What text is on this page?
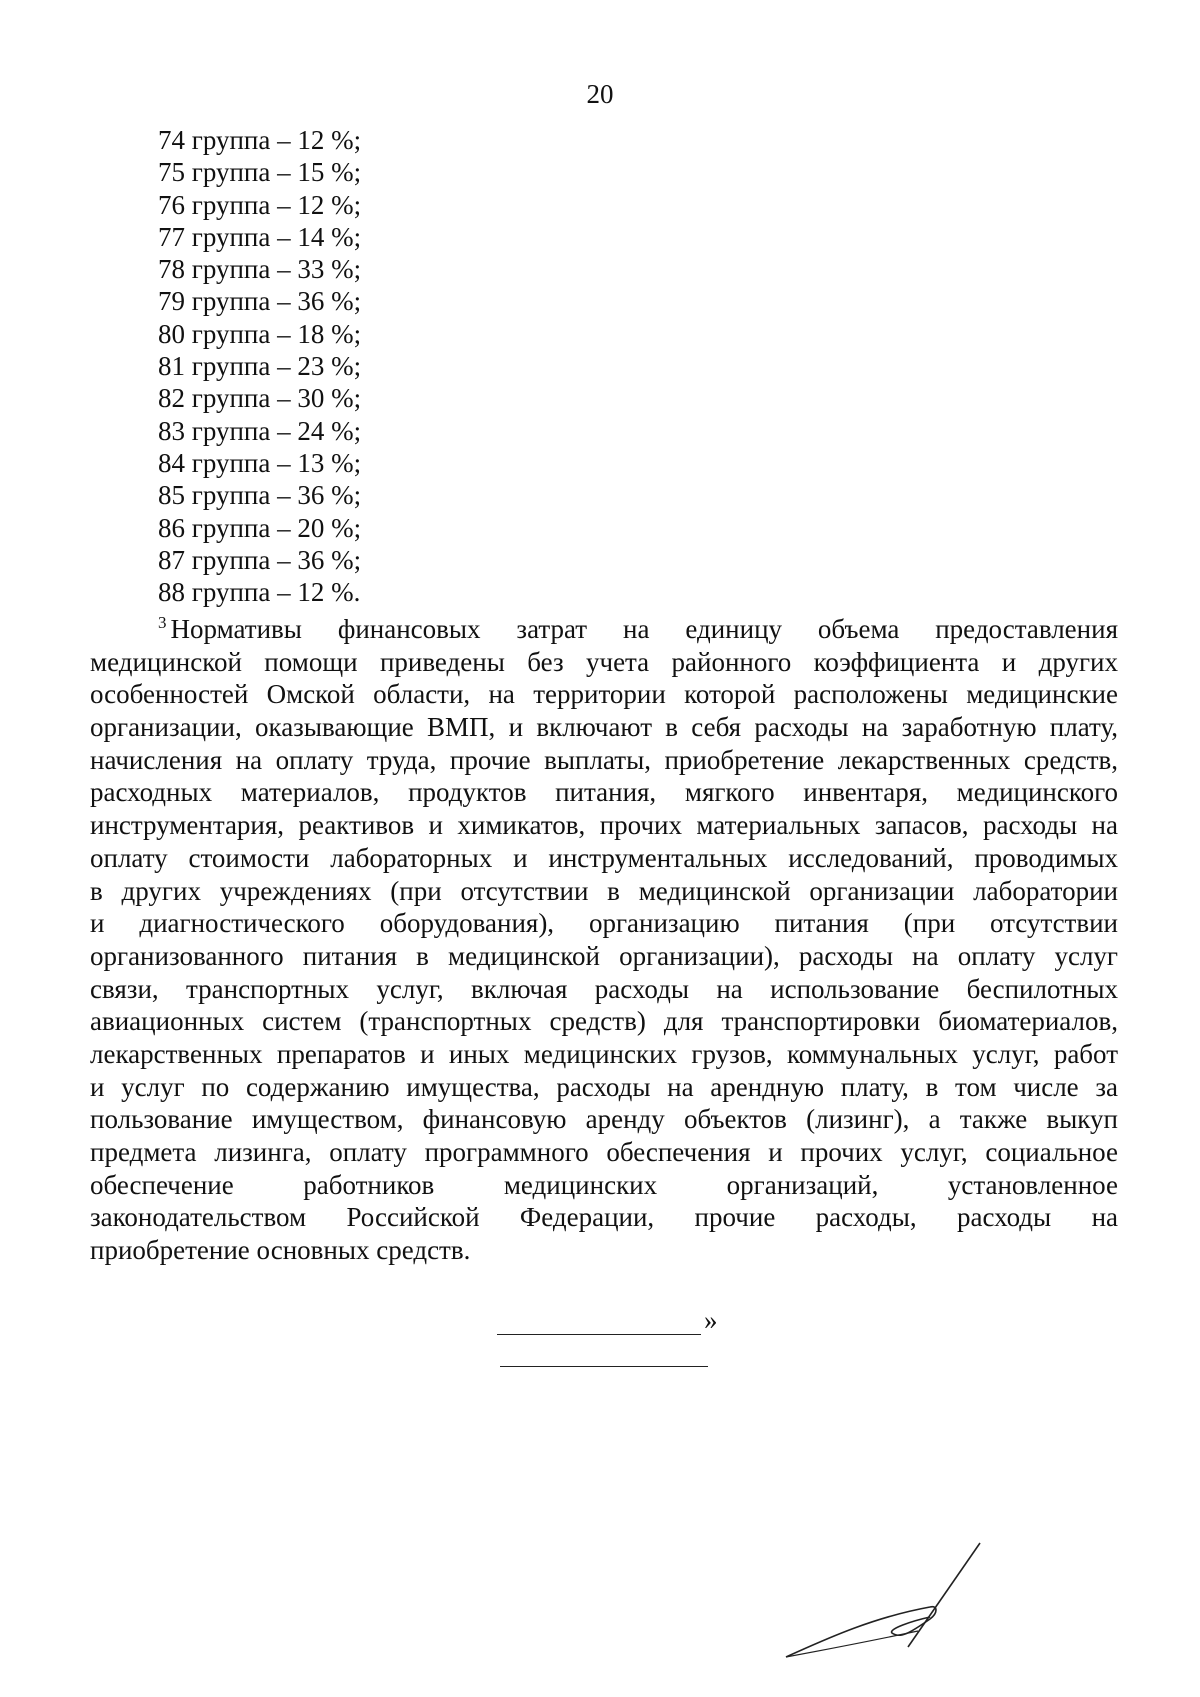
20
74 группа – 12 %;
75 группа – 15 %;
76 группа – 12 %;
77 группа – 14 %;
78 группа – 33 %;
79 группа – 36 %;
80 группа – 18 %;
81 группа – 23 %;
82 группа – 30 %;
83 группа – 24 %;
84 группа – 13 %;
85 группа – 36 %;
86 группа – 20 %;
87 группа – 36 %;
88 группа – 12 %.
$^3$ Нормативы финансовых затрат на единицу объема предоставления
медицинской помощи приведены без учета районного коэффициента и других
особенностей Омской области, на территории которой расположены медицинские
организации, оказывающие ВМП, и включают в себя расходы на заработную плату,
начисления на оплату труда, прочие выплаты, приобретение лекарственных средств,
расходных материалов, продуктов питания, мягкого инвентаря, медицинского
инструментария, реактивов и химикатов, прочих материальных запасов, расходы на
оплату стоимости лабораторных и инструментальных исследований, проводимых
в других учреждениях (при отсутствии в медицинской организации лаборатории
и диагностического оборудования), организацию питания (при отсутствии
организованного питания в медицинской организации), расходы на оплату услуг
связи, транспортных услуг, включая расходы на использование беспилотных
авиационных систем (транспортных средств) для транспортировки биоматериалов,
лекарственных препаратов и иных медицинских грузов, коммунальных услуг, работ
и услуг по содержанию имущества, расходы на арендную плату, в том числе за
пользование имуществом, финансовую аренду объектов (лизинг), а также выкуп
предмета лизинга, оплату программного обеспечения и прочих услуг, социальное
обеспечение работников медицинских организаций, установленное
законодательством Российской Федерации, прочие расходы, расходы на
приобретение основных средств.
»
